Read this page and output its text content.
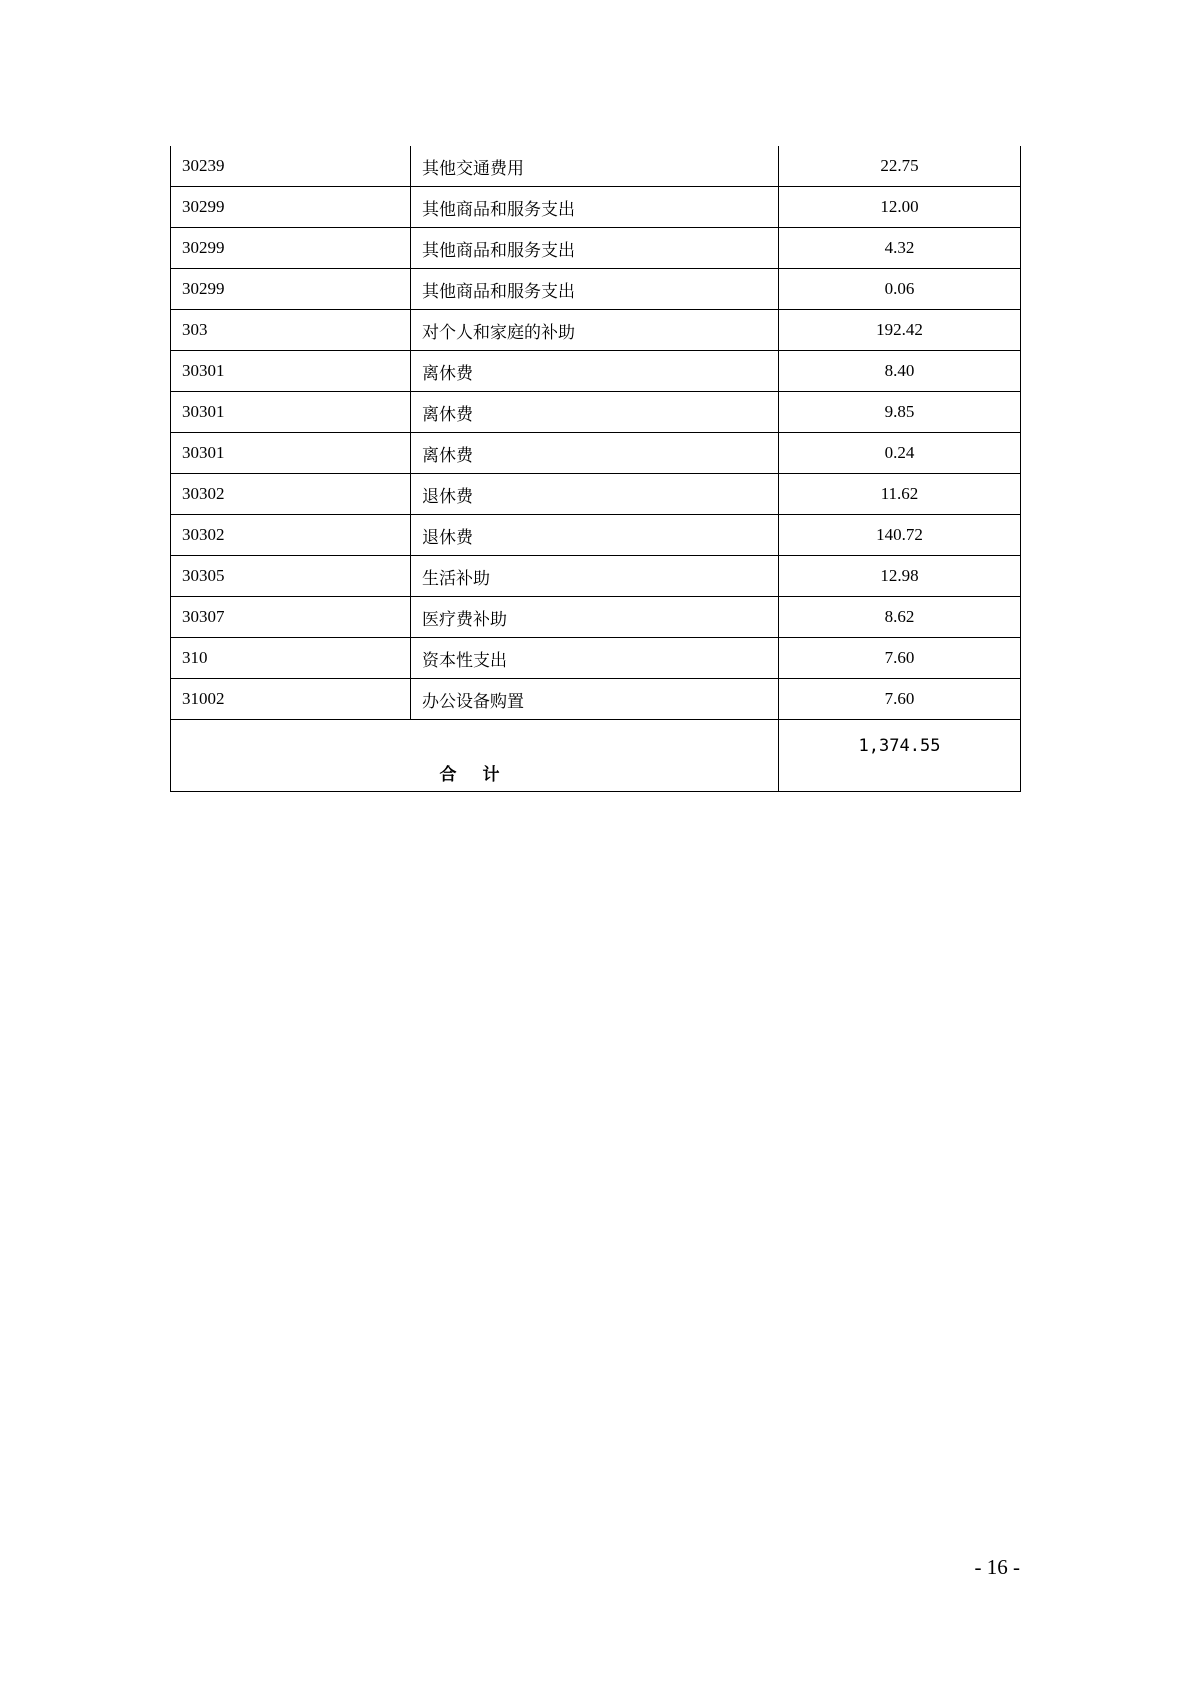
30239	其他交通费用	22.75
30299	其他商品和服务支出	12.00
30299	其他商品和服务支出	4.32
30299	其他商品和服务支出	0.06
303	对个人和家庭的补助	192.42
30301	离休费	8.40
30301	离休费	9.85
30301	离休费	0.24
30302	退休费	11.62
30302	退休费	140.72
30305	生活补助	12.98
30307	医疗费补助	8.62
310	资本性支出	7.60
31002	办公设备购置	7.60
合 计		1,374.55
- 16 -
